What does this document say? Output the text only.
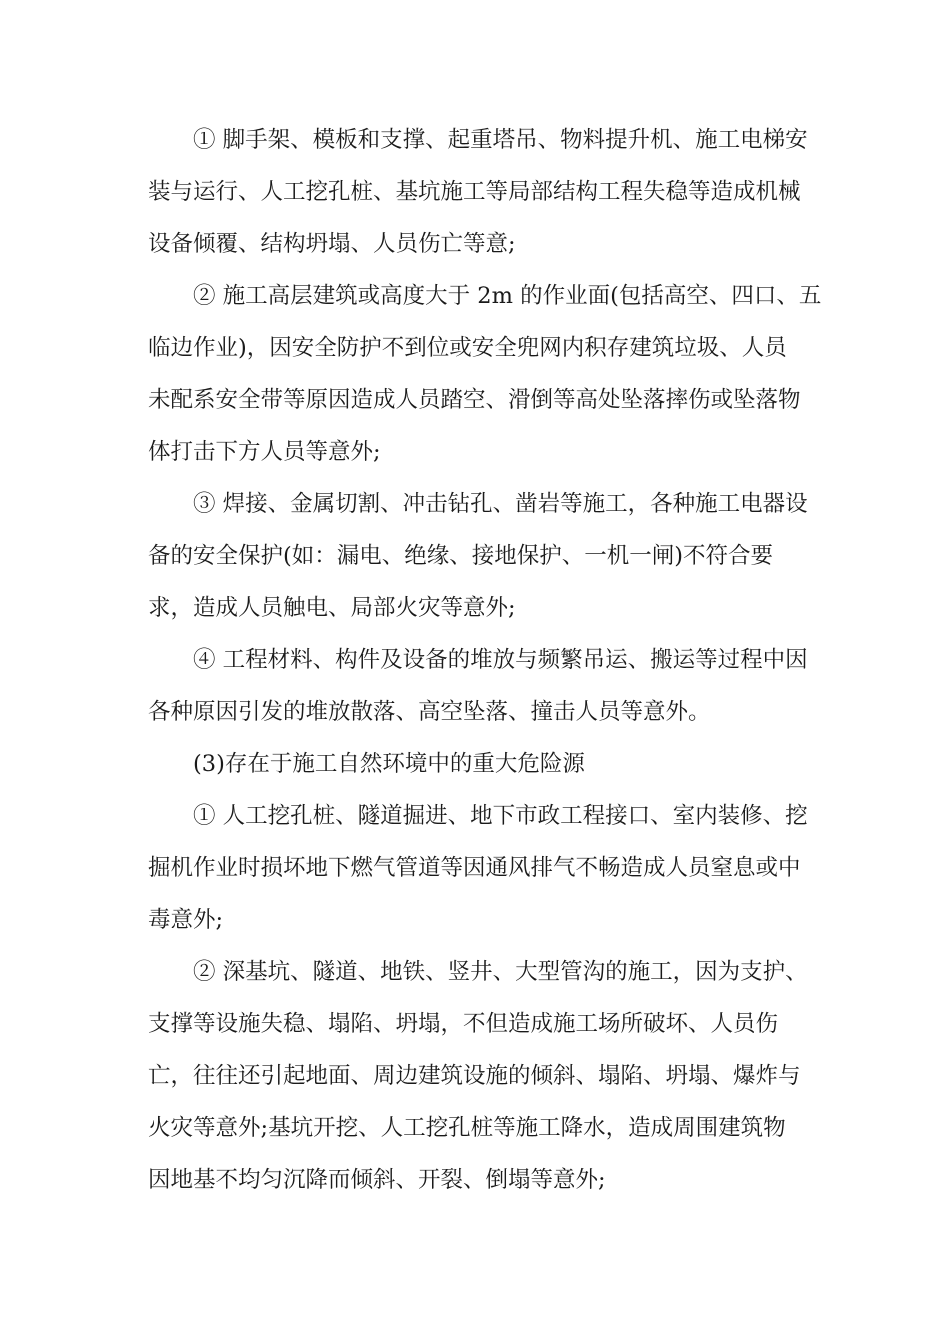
① 脚手架、模板和支撑、起重塔吊、物料提升机、施工电梯安
装与运行、人工挖孔桩、基坑施工等局部结构工程失稳等造成机械
设备倾覆、结构坍塌、人员伤亡等意;
② 施工高层建筑或高度大于 2m 的作业面(包括高空、四口、五
临边作业)，因安全防护不到位或安全兜网内积存建筑垃圾、人员
未配系安全带等原因造成人员踏空、滑倒等高处坠落摔伤或坠落物
体打击下方人员等意外;
③ 焊接、金属切割、冲击钻孔、凿岩等施工，各种施工电器设
备的安全保护(如：漏电、绝缘、接地保护、一机一闸)不符合要
求，造成人员触电、局部火灾等意外;
④ 工程材料、构件及设备的堆放与频繁吊运、搬运等过程中因
各种原因引发的堆放散落、高空坠落、撞击人员等意外。
(3)存在于施工自然环境中的重大危险源
① 人工挖孔桩、隧道掘进、地下市政工程接口、室内装修、挖
掘机作业时损坏地下燃气管道等因通风排气不畅造成人员窒息或中
毒意外;
② 深基坑、隧道、地铁、竖井、大型管沟的施工，因为支护、
支撑等设施失稳、塌陷、坍塌，不但造成施工场所破坏、人员伤
亡，往往还引起地面、周边建筑设施的倾斜、塌陷、坍塌、爆炸与
火灾等意外;基坑开挖、人工挖孔桩等施工降水，造成周围建筑物
因地基不均匀沉降而倾斜、开裂、倒塌等意外;
